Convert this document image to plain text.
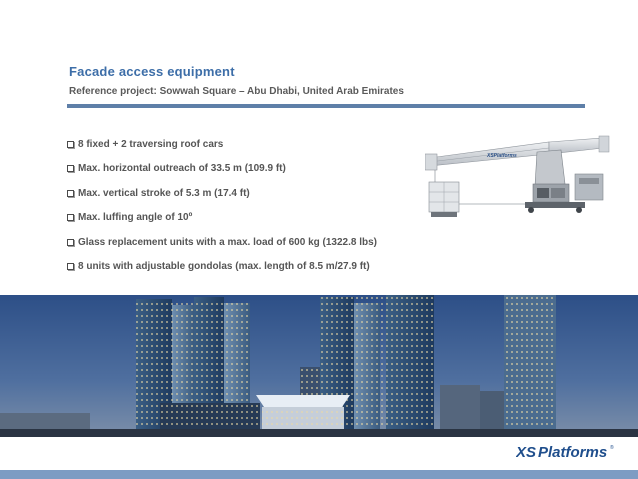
Facade access equipment
Reference project: Sowwah Square – Abu Dhabi, United Arab Emirates
8 fixed + 2 traversing roof cars
Max. horizontal outreach of 33.5 m (109.9 ft)
Max. vertical stroke of 5.3 m (17.4 ft)
Max. luffing angle of 10º
Glass replacement units with a max. load of 600 kg (1322.8 lbs)
8 units with adjustable gondolas (max. length of 8.5 m/27.9 ft)
XSPlatforms
XS Platforms ®
